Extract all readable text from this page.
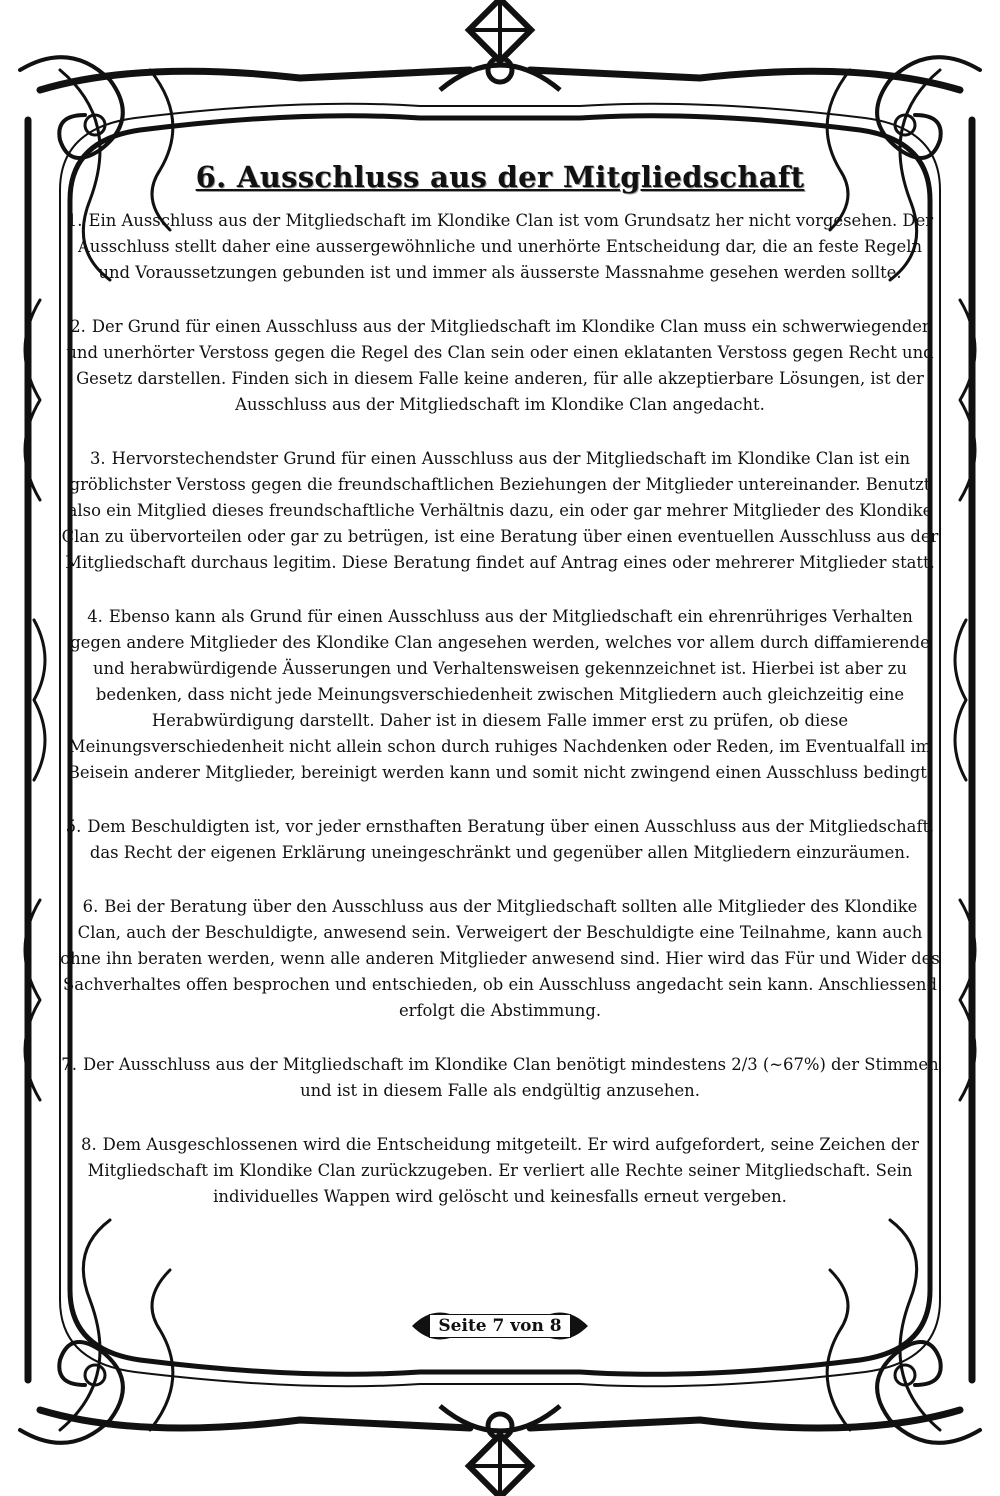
6. Ausschluss aus der Mitgliedschaft

1. Ein Ausschluss aus der Mitgliedschaft im Klondike Clan ist vom Grundsatz her nicht vorgesehen. Der Ausschluss stellt daher eine aussergewöhnliche und unerhörte Entscheidung dar, die an feste Regeln und Voraussetzungen gebunden ist und immer als äusserste Massnahme gesehen werden sollte.

2. Der Grund für einen Ausschluss aus der Mitgliedschaft im Klondike Clan muss ein schwerwiegender und unerhörter Verstoss gegen die Regel des Clan sein oder einen eklatanten Verstoss gegen Recht und Gesetz darstellen. Finden sich in diesem Falle keine anderen, für alle akzeptierbare Lösungen, ist der Ausschluss aus der Mitgliedschaft im Klondike Clan angedacht.

3. Hervorstechendster Grund für einen Ausschluss aus der Mitgliedschaft im Klondike Clan ist ein gröblichster Verstoss gegen die freundschaftlichen Beziehungen der Mitglieder untereinander. Benutzt also ein Mitglied dieses freundschaftliche Verhältnis dazu, ein oder gar mehrer Mitglieder des Klondike Clan zu übervorteilen oder gar zu betrügen, ist eine Beratung über einen eventuellen Ausschluss aus der Mitgliedschaft durchaus legitim. Diese Beratung findet auf Antrag eines oder mehrerer Mitglieder statt.

4. Ebenso kann als Grund für einen Ausschluss aus der Mitgliedschaft ein ehrenrühriges Verhalten gegen andere Mitglieder des Klondike Clan angesehen werden, welches vor allem durch diffamierende und herabwürdigende Äusserungen und Verhaltensweisen gekennzeichnet ist. Hierbei ist aber zu bedenken, dass nicht jede Meinungsverschiedenheit zwischen Mitgliedern auch gleichzeitig eine Herabwürdigung darstellt. Daher ist in diesem Falle immer erst zu prüfen, ob diese Meinungsverschiedenheit nicht allein schon durch ruhiges Nachdenken oder Reden, im Eventualfall im Beisein anderer Mitglieder, bereinigt werden kann und somit nicht zwingend einen Ausschluss bedingt.

5. Dem Beschuldigten ist, vor jeder ernsthaften Beratung über einen Ausschluss aus der Mitgliedschaft, das Recht der eigenen Erklärung uneingeschränkt und gegenüber allen Mitgliedern einzuräumen.

6. Bei der Beratung über den Ausschluss aus der Mitgliedschaft sollten alle Mitglieder des Klondike Clan, auch der Beschuldigte, anwesend sein. Verweigert der Beschuldigte eine Teilnahme, kann auch ohne ihn beraten werden, wenn alle anderen Mitglieder anwesend sind. Hier wird das Für und Wider des Sachverhaltes offen besprochen und entschieden, ob ein Ausschluss angedacht sein kann. Anschliessend erfolgt die Abstimmung.

7. Der Ausschluss aus der Mitgliedschaft im Klondike Clan benötigt mindestens 2/3 (~67%) der Stimmen und ist in diesem Falle als endgültig anzusehen.

8. Dem Ausgeschlossenen wird die Entscheidung mitgeteilt. Er wird aufgefordert, seine Zeichen der Mitgliedschaft im Klondike Clan zurückzugeben. Er verliert alle Rechte seiner Mitgliedschaft. Sein individuelles Wappen wird gelöscht und keinesfalls erneut vergeben.

Seite 7 von 8
